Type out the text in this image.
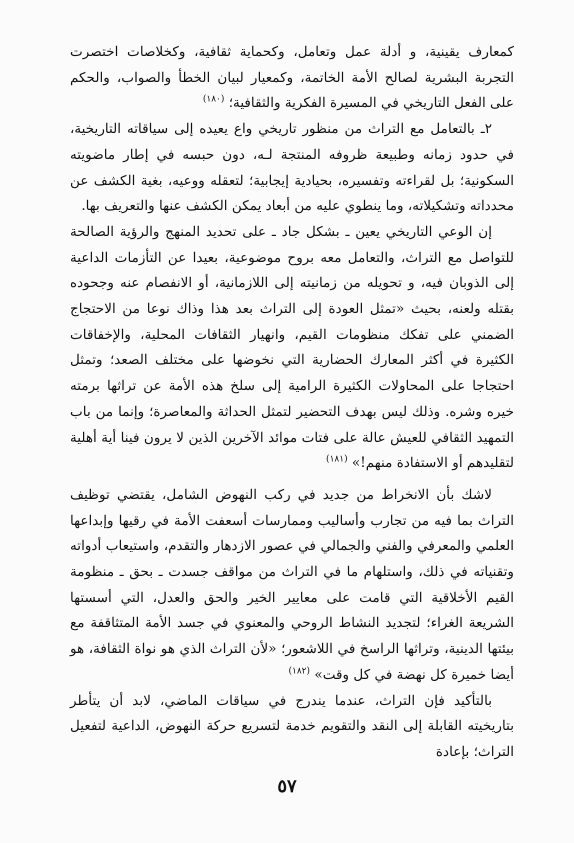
كمعارف يقينية، و أدلة عمل وتعامل، وكحماية ثقافية، وكخلاصات اختصرت التجربة البشرية لصالح الأمة الخاتمة، وكمعيار لبيان الخطأ والصواب، والحكم على الفعل التاريخي في المسيرة الفكرية والثقافية؛ $^{(١٨٠)}$

٢ـ بالتعامل مع التراث من منظور تاريخي واع يعيده إلى سياقاته التاريخية، في حدود زمانه وطبيعة ظروفه المنتجة لـه، دون حبسه في إطار ماضويته السكونية؛ بل لقراءته وتفسيره، بحيادية إيجابية؛ لتعقله ووعيه، بغية الكشف عن محدداته وتشكيلاته، وما ينطوي عليه من أبعاد يمكن الكشف عنها والتعريف بها.

إن الوعي التاريخي يعين ـ بشكل جاد ـ على تحديد المنهج والرؤية الصالحة للتواصل مع التراث، والتعامل معه بروح موضوعية، بعيدا عن التأزمات الداعية إلى الذوبان فيه، و تحويله من زمانيته إلى اللازمانية، أو الانفصام عنه وجحوده بقتله ولعنه، بحيث «تمثل العودة إلى التراث بعد هذا وذاك نوعا من الاحتجاج الضمني على تفكك منظومات القيم، وانهيار الثقافات المحلية، والإخفاقات الكثيرة في أكثر المعارك الحضارية التي نخوضها على مختلف الصعد؛ وتمثل احتجاجا على المحاولات الكثيرة الرامية إلى سلخ هذه الأمة عن تراثها برمته خيره وشره. وذلك ليس بهدف التحضير لتمثل الحداثة والمعاصرة؛ وإنما من باب التمهيد الثقافي للعيش عالة على فتات موائد الآخرين الذين لا يرون فينا أية أهلية لتقليدهم أو الاستفادة منهم!» $^{(١٨١)}$

لاشك بأن الانخراط من جديد في ركب النهوض الشامل، يقتضي توظيف التراث بما فيه من تجارب وأساليب وممارسات أسعفت الأمة في رقيها وإبداعها العلمي والمعرفي والفني والجمالي في عصور الازدهار والتقدم، واستيعاب أدواته وتقنياته في ذلك، واستلهام ما في التراث من مواقف جسدت ـ بحق ـ منظومة القيم الأخلاقية التي قامت على معايير الخير والحق والعدل، التي أسستها الشريعة الغراء؛ لتجديد النشاط الروحي والمعنوي في جسد الأمة المتثاقفة مع بيئتها الدينية، وتراثها الراسخ في اللاشعور؛ «لأن التراث الذي هو نواة الثقافة، هو أيضا خميرة كل نهضة في كل وقت» $^{(١٨٢)}$

بالتأكيد فإن التراث، عندما يندرج في سياقات الماضي، لابد أن يتأطر بتاريخيته القابلة إلى النقد والتقويم خدمة لتسريع حركة النهوض، الداعية لتفعيل التراث؛ بإعادة

٥٧
